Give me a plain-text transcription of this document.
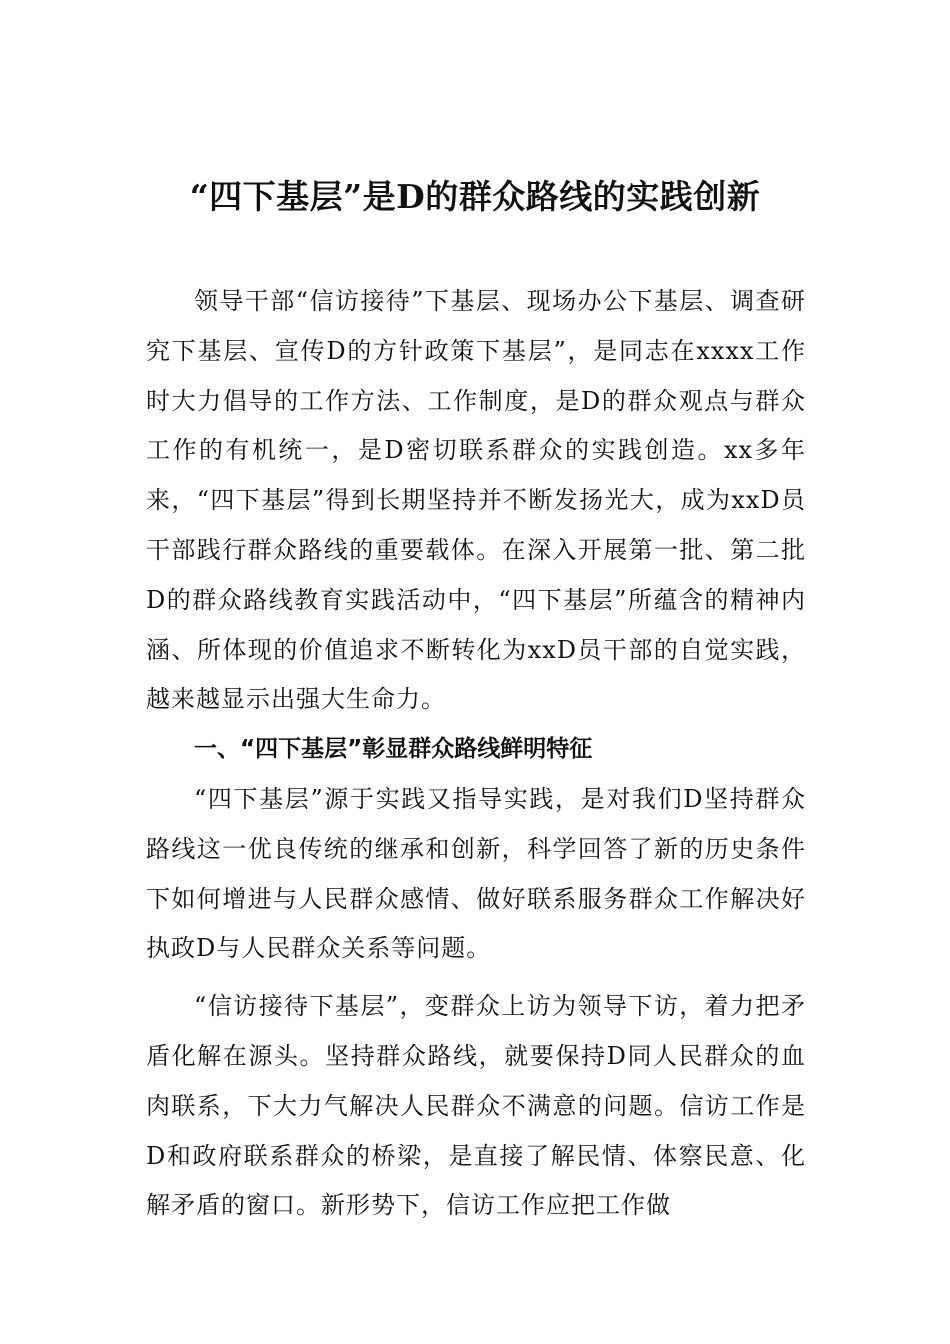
“四下基层”是D的群众路线的实践创新

领导干部“信访接待”下基层、现场办公下基层、调查研究下基层、宣传D的方针政策下基层”，是同志在xxxx工作时大力倡导的工作方法、工作制度，是D的群众观点与群众工作的有机统一，是D密切联系群众的实践创造。xx多年来，“四下基层”得到长期坚持并不断发扬光大，成为xxD员干部践行群众路线的重要载体。在深入开展第一批、第二批D的群众路线教育实践活动中，“四下基层”所蕴含的精神内涵、所体现的价值追求不断转化为xxD员干部的自觉实践，越来越显示出强大生命力。

一、“四下基层”彰显群众路线鲜明特征

“四下基层”源于实践又指导实践，是对我们D坚持群众路线这一优良传统的继承和创新，科学回答了新的历史条件下如何增进与人民群众感情、做好联系服务群众工作解决好执政D与人民群众关系等问题。

“信访接待下基层”，变群众上访为领导下访，着力把矛盾化解在源头。坚持群众路线，就要保持D同人民群众的血肉联系，下大力气解决人民群众不满意的问题。信访工作是D和政府联系群众的桥梁，是直接了解民情、体察民意、化解矛盾的窗口。新形势下，信访工作应把工作做
